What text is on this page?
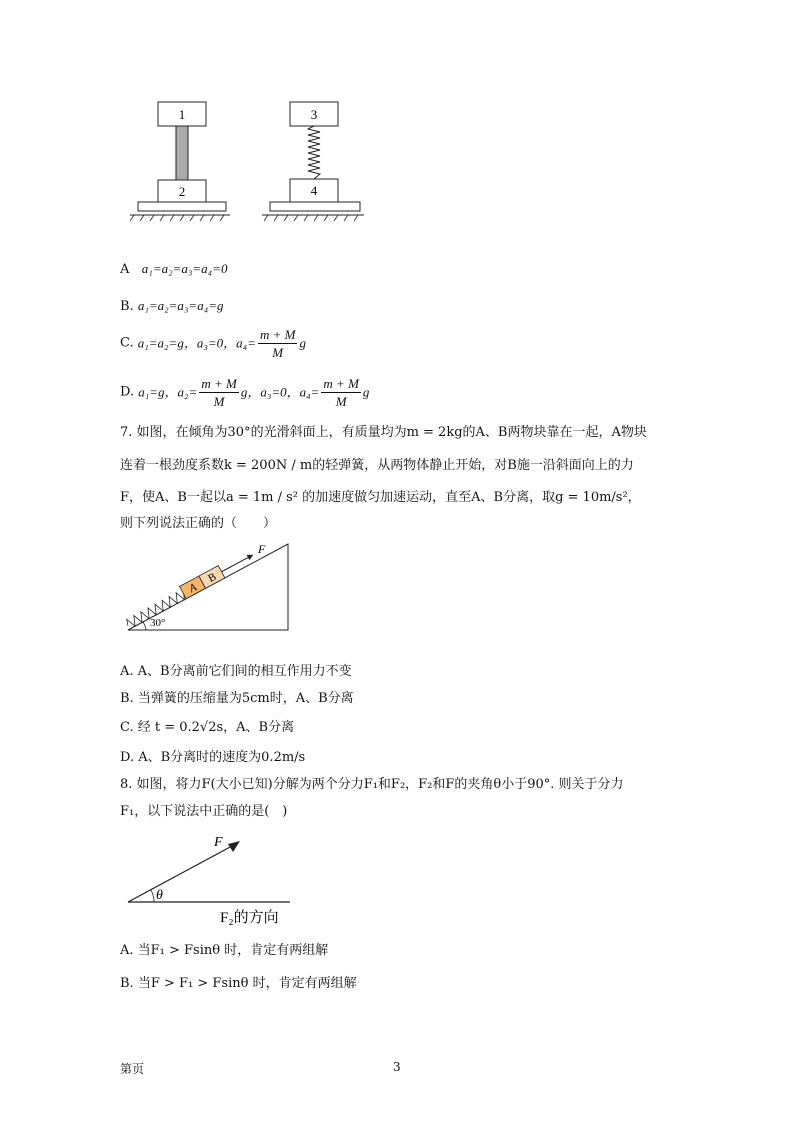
1
2
3
4
A a₁=a₂=a₃=a₄=0
B. a₁=a₂=a₃=a₄=g
C. a₁=a₂=g，a₃=0，$a_4= \frac{m + M}{M}$ g
D. a₁=g，$a_2= \frac{m + M}{M}$ g，a₃=0，$a_4= \frac{m + M}{M}$ g
7. 如图，在倾角为30°的光滑斜面上，有质量均为m = 2kg的A、B两物块靠在一起，A物块
连着一根劲度系数k = 200N / m的轻弹簧，从两物体静止开始，对B施一沿斜面向上的力
F，使A、B一起以a = 1m / s² 的加速度做匀加速运动，直至A、B分离，取g = 10m/s²，
则下列说法正确的（　　）
A
B
30°
F
A. A、B分离前它们间的相互作用力不变
B. 当弹簧的压缩量为5cm时，A、B分离
C. 经 t = 0.2√2s，A、B分离
D. A、B分离时的速度为0.2m/s
8. 如图，将力F(大小已知)分解为两个分力F₁和F₂，F₂和F的夹角θ小于90°. 则关于分力
F₁，以下说法中正确的是(　)
θ
F
F₂的方向
A. 当F₁ > Fsinθ 时，肯定有两组解
B. 当F > F₁ > Fsinθ 时，肯定有两组解
第页	3
